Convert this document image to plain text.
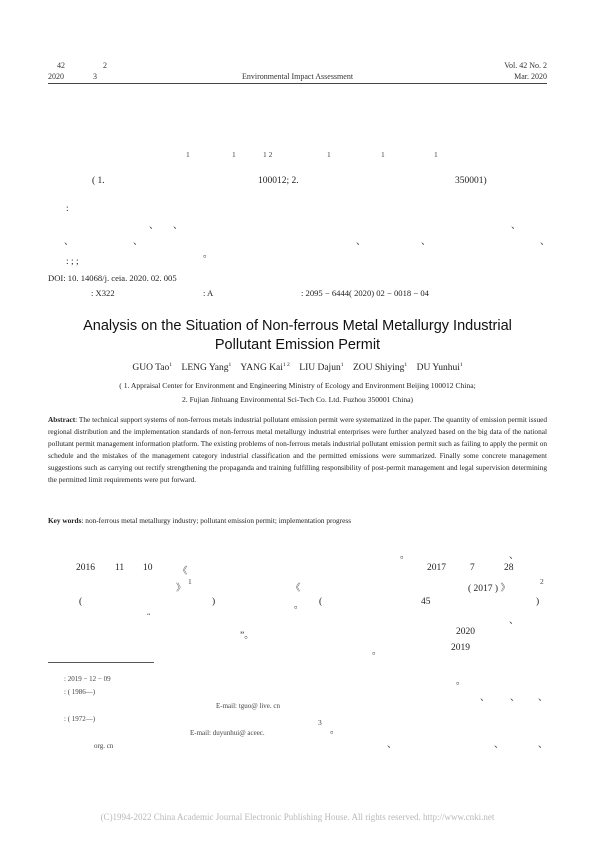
42	2
2020	3	Environmental Impact Assessment
Vol. 42 No. 2
Mar. 2020
1	1	1 2	1	1	1
( 1.	100012; 2.	350001)
:
、 、	、
、	、	、	、	、
。
: ; ;
DOI: 10. 14068/j. ceia. 2020. 02. 005
: X322	: A	: 2095 − 6444( 2020) 02 − 0018 − 04
Analysis on the Situation of Non-ferrous Metal Metallurgy Industrial
Pollutant Emission Permit
GUO Tao$^1$ LENG Yang$^1$ YANG Kai$^{1 2}$ LIU Dajun$^1$ ZOU Shiying$^1$ DU Yunhui$^1$
( 1. Appraisal Center for Environment and Engineering Ministry of Ecology and Environment Beijing 100012 China;
2. Fujian Jinhuang Environmental Sci-Tech Co. Ltd. Fuzhou 350001 China)
Abstract: The technical support systems of non-ferrous metals industrial pollutant emission permit were systematized in the paper. The quantity of emission permit issued regional distribution and the implementation standards of non-ferrous metal metallurgy industrial enterprises were further analyzed based on the big data of the national pollutant permit management information platform. The existing problems of non-ferrous metals industrial pollutant emission permit such as failing to apply the permit on schedule and the mistakes of the management category industrial classification and the permitted emissions were summarized. Finally some concrete management suggestions such as carrying out rectify strengthening the propaganda and training fulfilling responsibility of post-permit management and legal supervision determining the permitted limit requirements were put forward.
Key words: non-ferrous metal metallurgy industry; pollutant emission permit; implementation progress
。	、
2016 11 10	《	2017	7	28
》
1
《	( 2017 ) 》
2
(	)	。 (	45	)
“
、
”。	2020
。	2019
。
、 、 、
3
。
、	、	、
: 2019 − 12 − 09
: ( 1986—)
E-mail: tguo@ live. cn
: ( 1972—)
E-mail: duyunhui@ aceec.
org. cn
(C)1994-2022 China Academic Journal Electronic Publishing House. All rights reserved. http://www.cnki.net
